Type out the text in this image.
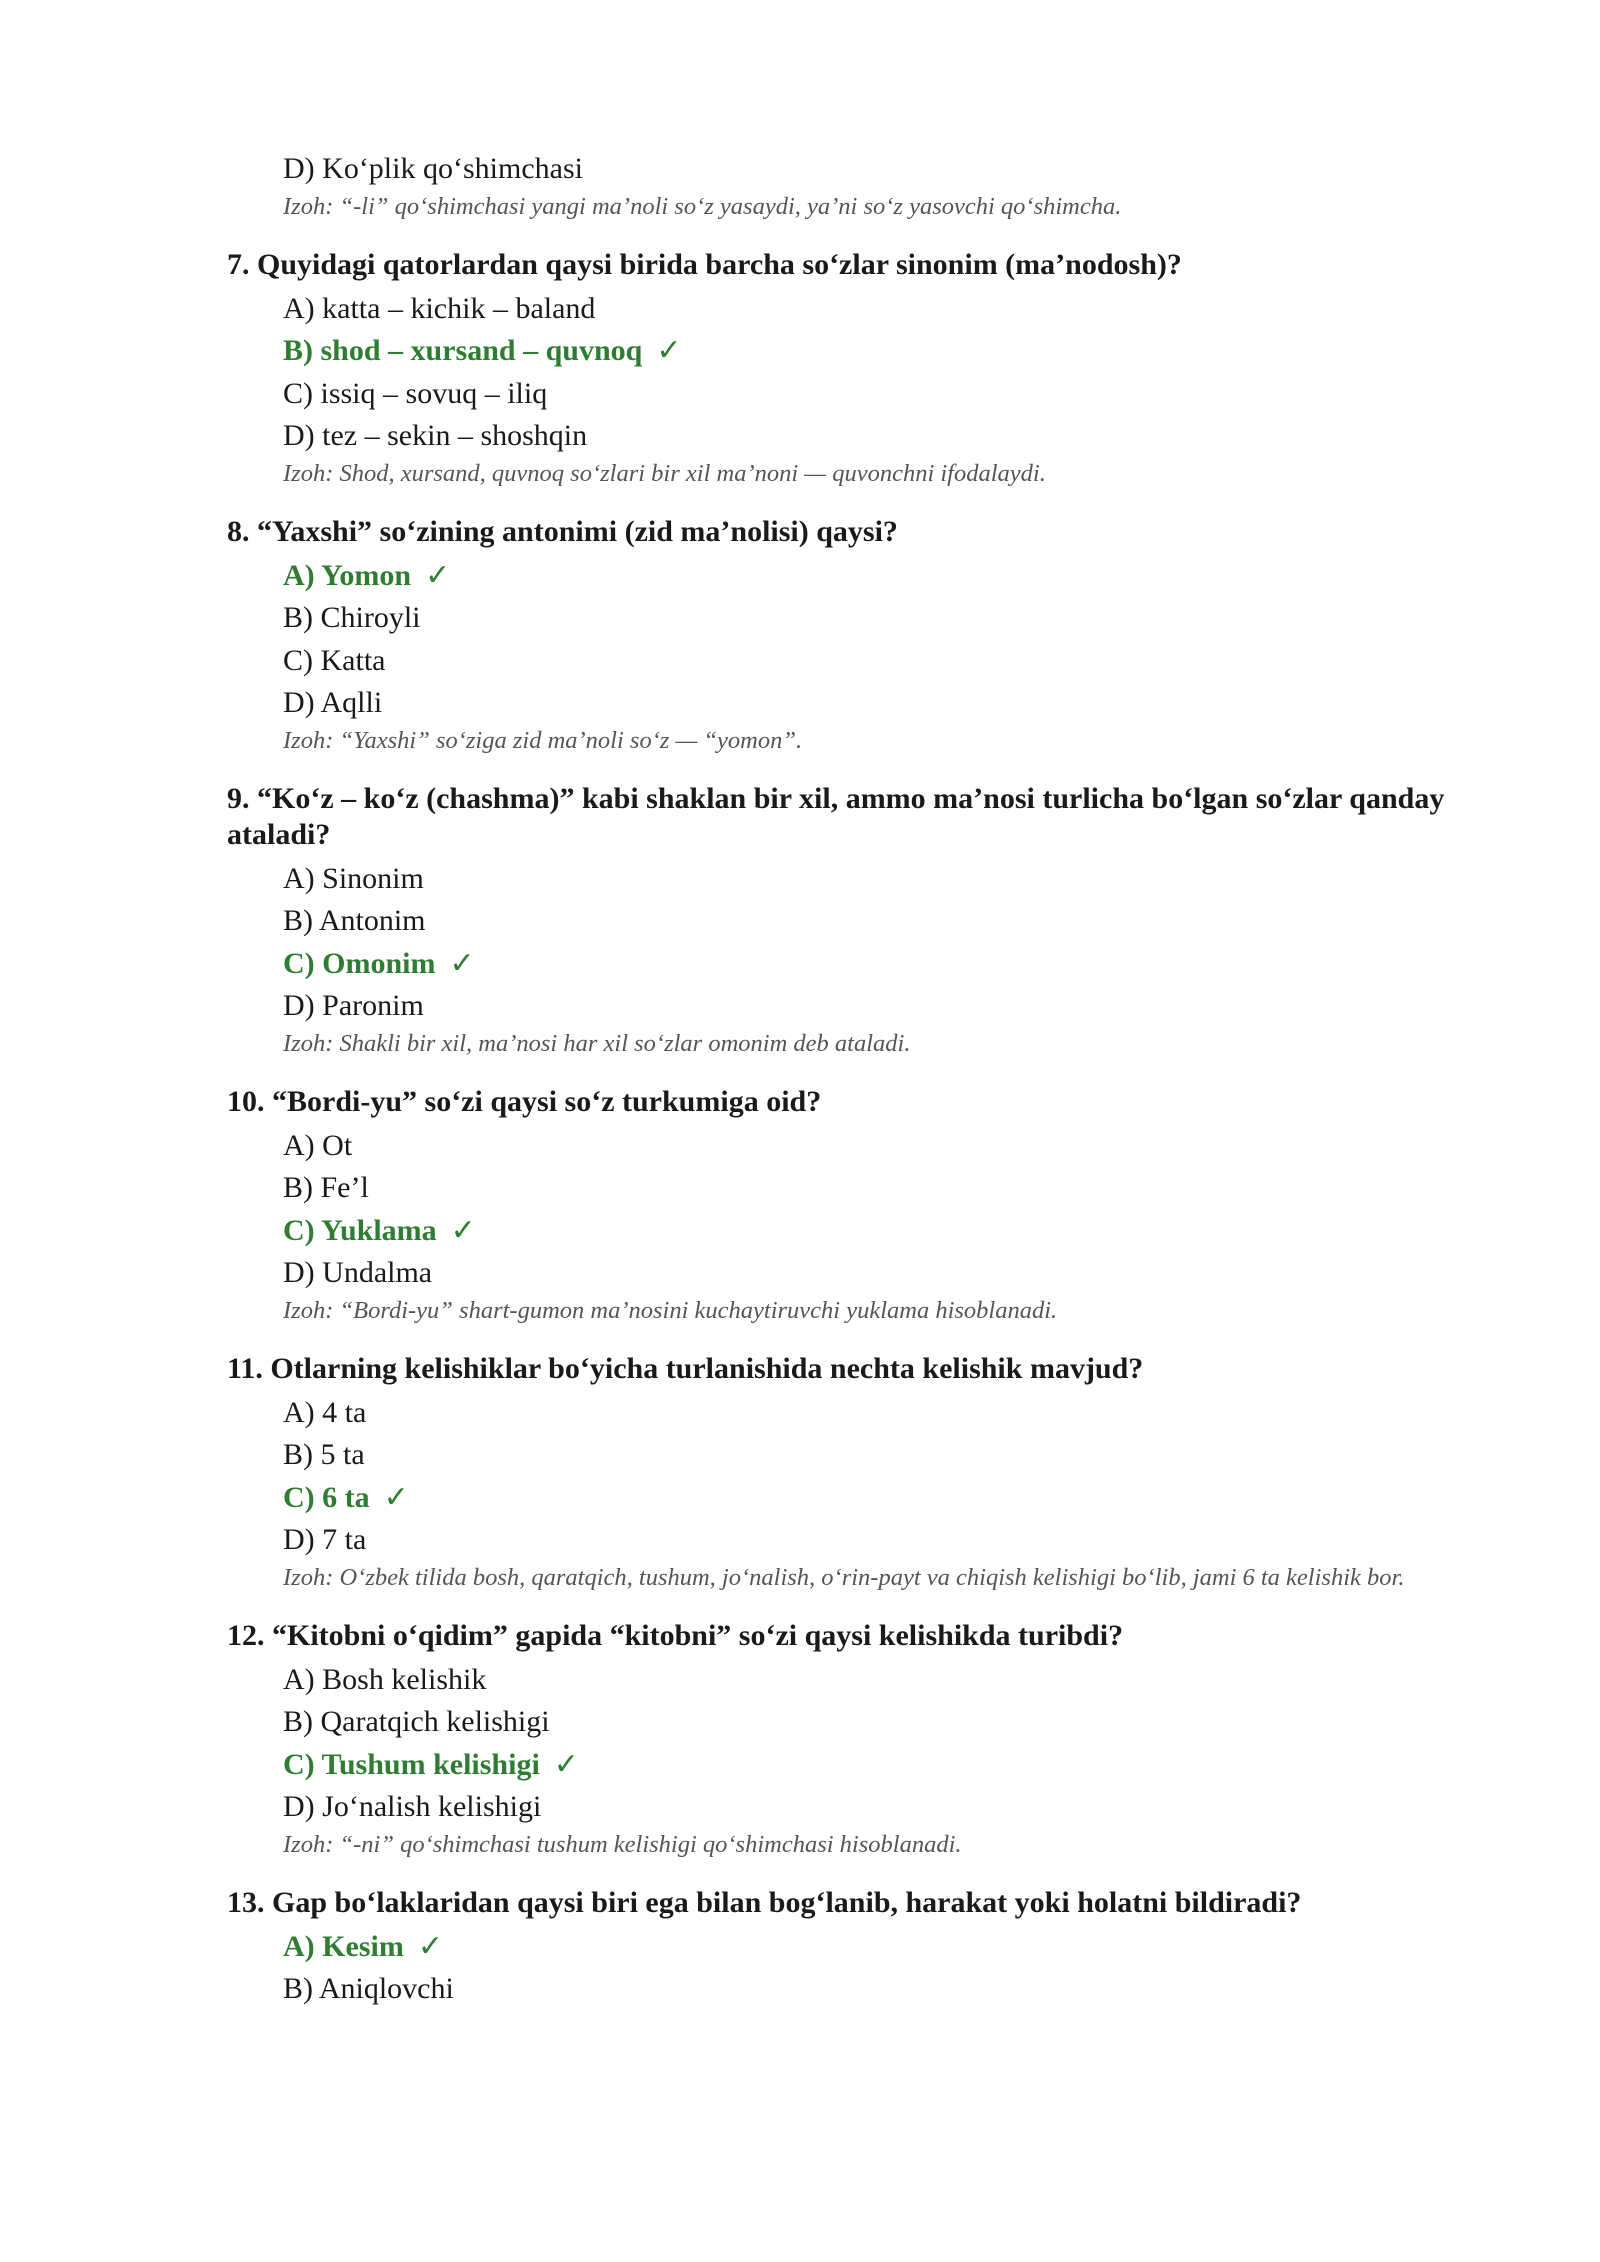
D) Ko‘plik qo‘shimchasi
Izoh: “-li” qo‘shimchasi yangi ma’noli so‘z yasaydi, ya’ni so‘z yasovchi qo‘shimcha.
7. Quyidagi qatorlardan qaysi birida barcha so‘zlar sinonim (ma’nodosh)?
A) katta – kichik – baland
B) shod – xursand – quvnoq ✓
C) issiq – sovuq – iliq
D) tez – sekin – shoshqin
Izoh: Shod, xursand, quvnoq so‘zlari bir xil ma’noni — quvonchni ifodalaydi.
8. “Yaxshi” so‘zining antonimi (zid ma’nolisi) qaysi?
A) Yomon ✓
B) Chiroyli
C) Katta
D) Aqlli
Izoh: “Yaxshi” so‘ziga zid ma’noli so‘z — “yomon”.
9. “Ko‘z – ko‘z (chashma)” kabi shaklan bir xil, ammo ma’nosi turlicha bo‘lgan so‘zlar qanday ataladi?
A) Sinonim
B) Antonim
C) Omonim ✓
D) Paronim
Izoh: Shakli bir xil, ma’nosi har xil so‘zlar omonim deb ataladi.
10. “Bordi-yu” so‘zi qaysi so‘z turkumiga oid?
A) Ot
B) Fe’l
C) Yuklama ✓
D) Undalma
Izoh: “Bordi-yu” shart-gumon ma’nosini kuchaytiruvchi yuklama hisoblanadi.
11. Otlarning kelishiklar bo‘yicha turlanishida nechta kelishik mavjud?
A) 4 ta
B) 5 ta
C) 6 ta ✓
D) 7 ta
Izoh: O‘zbek tilida bosh, qaratqich, tushum, jo‘nalish, o‘rin-payt va chiqish kelishigi bo‘lib, jami 6 ta kelishik bor.
12. “Kitobni o‘qidim” gapida “kitobni” so‘zi qaysi kelishikda turibdi?
A) Bosh kelishik
B) Qaratqich kelishigi
C) Tushum kelishigi ✓
D) Jo‘nalish kelishigi
Izoh: “-ni” qo‘shimchasi tushum kelishigi qo‘shimchasi hisoblanadi.
13. Gap bo‘laklaridan qaysi biri ega bilan bog‘lanib, harakat yoki holatni bildiradi?
A) Kesim ✓
B) Aniqlovchi
